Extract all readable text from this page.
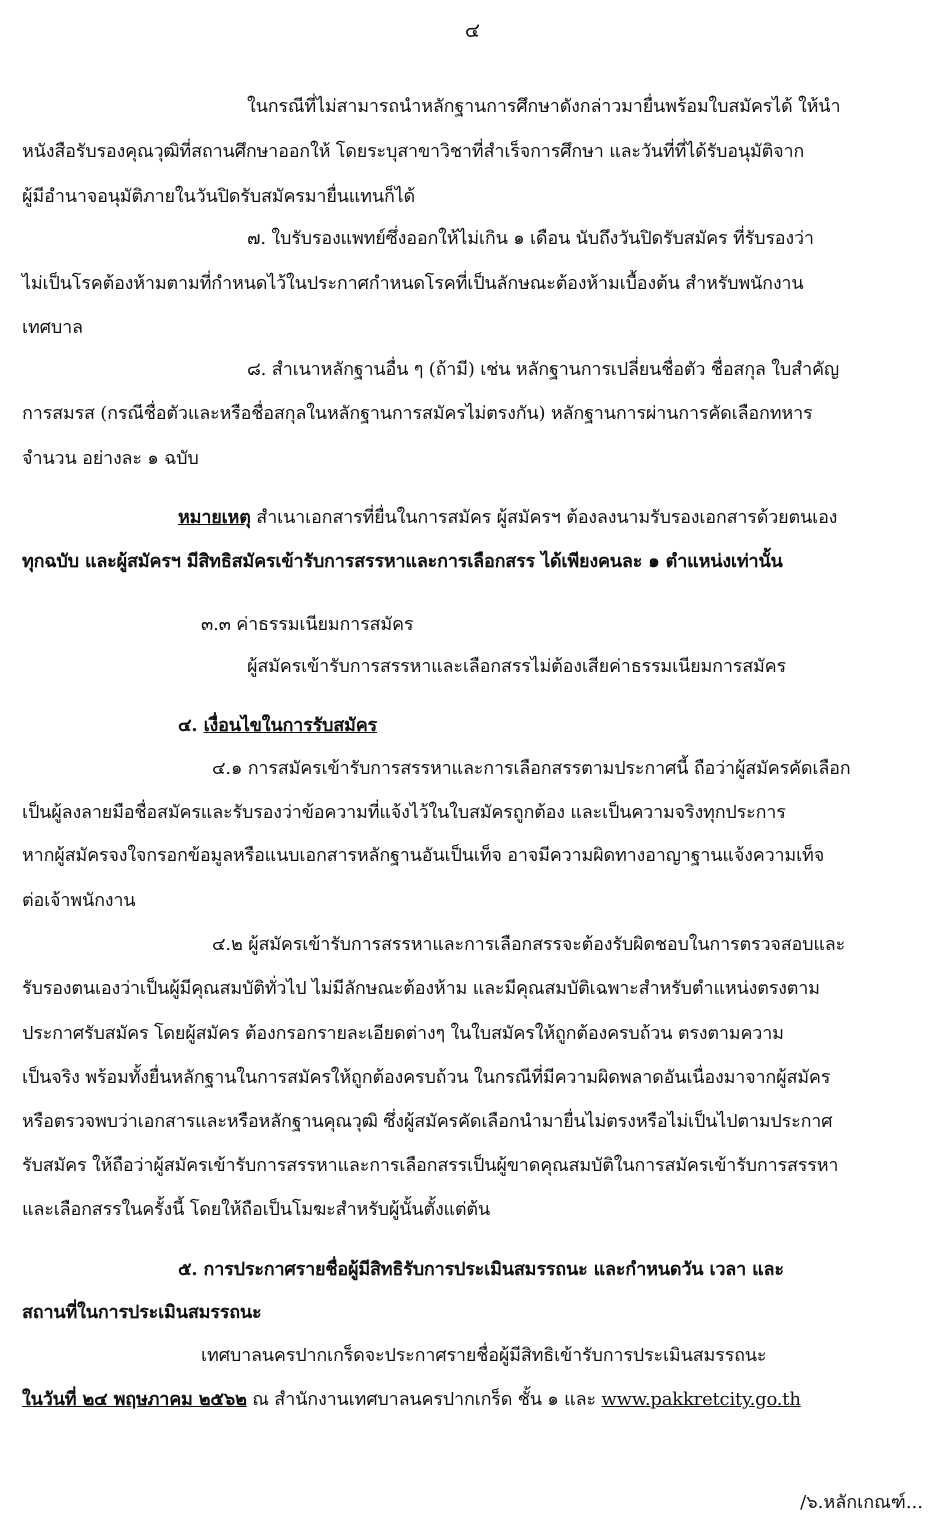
๔
ในกรณีที่ไม่สามารถนำหลักฐานการศึกษาดังกล่าวมายื่นพร้อมใบสมัครได้ ให้นำ
หนังสือรับรองคุณวุฒิที่สถานศึกษาออกให้ โดยระบุสาขาวิชาที่สำเร็จการศึกษา และวันที่ที่ได้รับอนุมัติจาก
ผู้มีอำนาจอนุมัติภายในวันปิดรับสมัครมายื่นแทนก็ได้
๗. ใบรับรองแพทย์ซึ่งออกให้ไม่เกิน ๑ เดือน นับถึงวันปิดรับสมัคร ที่รับรองว่า
ไม่เป็นโรคต้องห้ามตามที่กำหนดไว้ในประกาศกำหนดโรคที่เป็นลักษณะต้องห้ามเบื้องต้น สำหรับพนักงาน
เทศบาล
๘. สำเนาหลักฐานอื่น ๆ (ถ้ามี) เช่น หลักฐานการเปลี่ยนชื่อตัว ชื่อสกุล ใบสำคัญ
การสมรส (กรณีชื่อตัวและหรือชื่อสกุลในหลักฐานการสมัครไม่ตรงกัน) หลักฐานการผ่านการคัดเลือกทหาร
จำนวน อย่างละ ๑ ฉบับ
หมายเหตุ สำเนาเอกสารที่ยื่นในการสมัคร ผู้สมัครฯ ต้องลงนามรับรองเอกสารด้วยตนเอง
ทุกฉบับ และผู้สมัครฯ มีสิทธิสมัครเข้ารับการสรรหาและการเลือกสรร ได้เพียงคนละ ๑ ตำแหน่งเท่านั้น
๓.๓ ค่าธรรมเนียมการสมัคร
ผู้สมัครเข้ารับการสรรหาและเลือกสรรไม่ต้องเสียค่าธรรมเนียมการสมัคร
๔. เงื่อนไขในการรับสมัคร
๔.๑ การสมัครเข้ารับการสรรหาและการเลือกสรรตามประกาศนี้ ถือว่าผู้สมัครคัดเลือก
เป็นผู้ลงลายมือชื่อสมัครและรับรองว่าข้อความที่แจ้งไว้ในใบสมัครถูกต้อง และเป็นความจริงทุกประการ
หากผู้สมัครจงใจกรอกข้อมูลหรือแนบเอกสารหลักฐานอันเป็นเท็จ อาจมีความผิดทางอาญาฐานแจ้งความเท็จ
ต่อเจ้าพนักงาน
๔.๒ ผู้สมัครเข้ารับการสรรหาและการเลือกสรรจะต้องรับผิดชอบในการตรวจสอบและ
รับรองตนเองว่าเป็นผู้มีคุณสมบัติทั่วไป ไม่มีลักษณะต้องห้าม และมีคุณสมบัติเฉพาะสำหรับตำแหน่งตรงตาม
ประกาศรับสมัคร โดยผู้สมัคร ต้องกรอกรายละเอียดต่างๆ ในใบสมัครให้ถูกต้องครบถ้วน ตรงตามความ
เป็นจริง พร้อมทั้งยื่นหลักฐานในการสมัครให้ถูกต้องครบถ้วน ในกรณีที่มีความผิดพลาดอันเนื่องมาจากผู้สมัคร
หรือตรวจพบว่าเอกสารและหรือหลักฐานคุณวุฒิ ซึ่งผู้สมัครคัดเลือกนำมายื่นไม่ตรงหรือไม่เป็นไปตามประกาศ
รับสมัคร ให้ถือว่าผู้สมัครเข้ารับการสรรหาและการเลือกสรรเป็นผู้ขาดคุณสมบัติในการสมัครเข้ารับการสรรหา
และเลือกสรรในครั้งนี้ โดยให้ถือเป็นโมฆะสำหรับผู้นั้นตั้งแต่ต้น
๕. การประกาศรายชื่อผู้มีสิทธิรับการประเมินสมรรถนะ และกำหนดวัน เวลา และ
สถานที่ในการประเมินสมรรถนะ
เทศบาลนครปากเกร็ดจะประกาศรายชื่อผู้มีสิทธิเข้ารับการประเมินสมรรถนะ
ในวันที่ ๒๔ พฤษภาคม ๒๕๖๒ ณ สำนักงานเทศบาลนครปากเกร็ด ชั้น ๑ และ www.pakkretcity.go.th
/๖.หลักเกณฑ์...
